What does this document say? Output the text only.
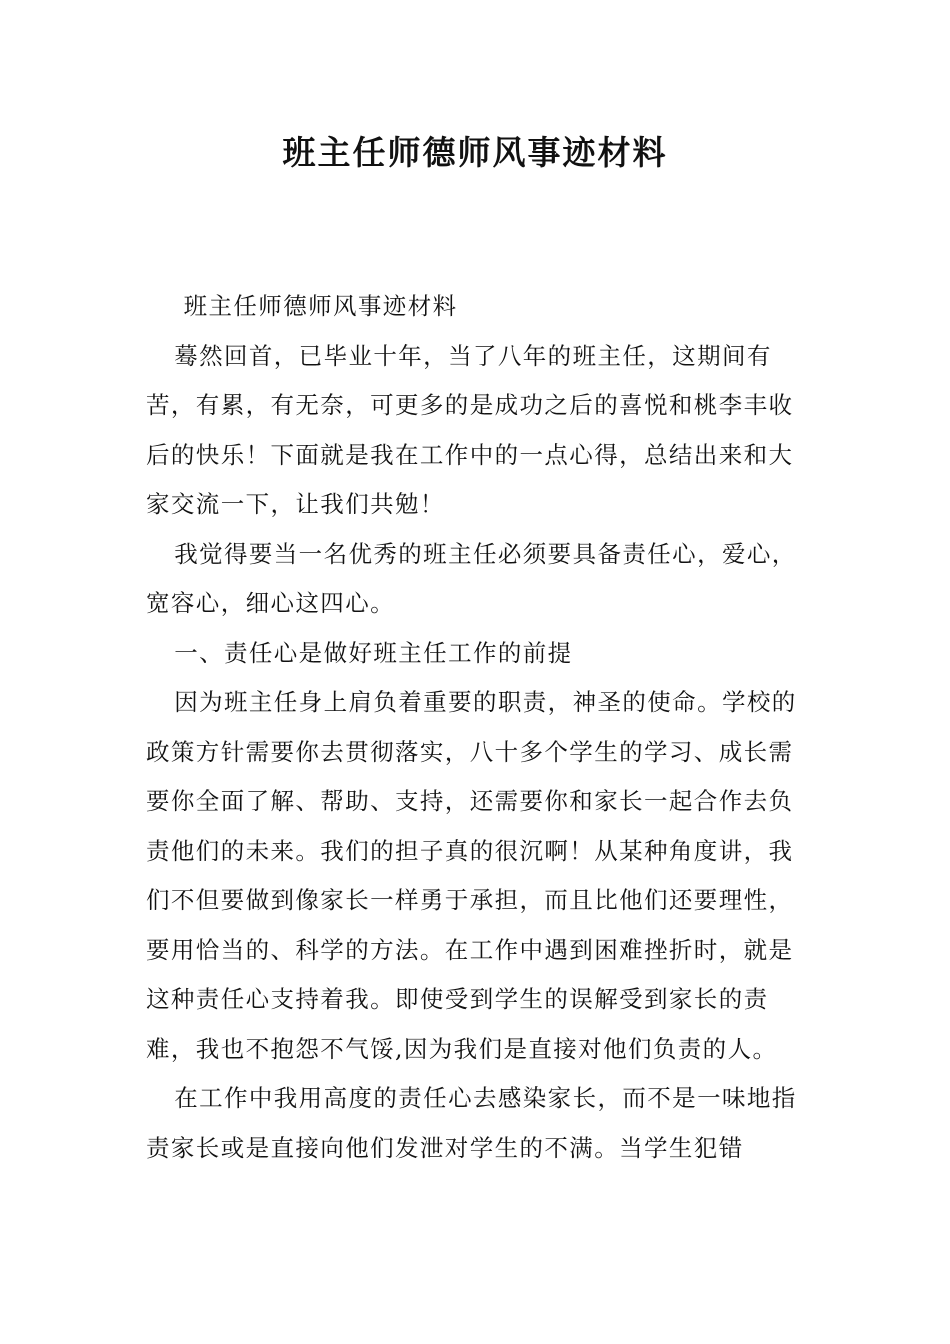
班主任师德师风事迹材料

班主任师德师风事迹材料

蓦然回首，已毕业十年，当了八年的班主任，这期间有苦，有累，有无奈，可更多的是成功之后的喜悦和桃李丰收后的快乐！下面就是我在工作中的一点心得，总结出来和大家交流一下，让我们共勉！

我觉得要当一名优秀的班主任必须要具备责任心，爱心，宽容心，细心这四心。

一、责任心是做好班主任工作的前提

因为班主任身上肩负着重要的职责，神圣的使命。学校的政策方针需要你去贯彻落实，八十多个学生的学习、成长需要你全面了解、帮助、支持，还需要你和家长一起合作去负责他们的未来。我们的担子真的很沉啊！从某种角度讲，我们不但要做到像家长一样勇于承担，而且比他们还要理性，要用恰当的、科学的方法。在工作中遇到困难挫折时，就是这种责任心支持着我。即使受到学生的误解受到家长的责难，我也不抱怨不气馁,因为我们是直接对他们负责的人。

在工作中我用高度的责任心去感染家长，而不是一味地指责家长或是直接向他们发泄对学生的不满。当学生犯错
